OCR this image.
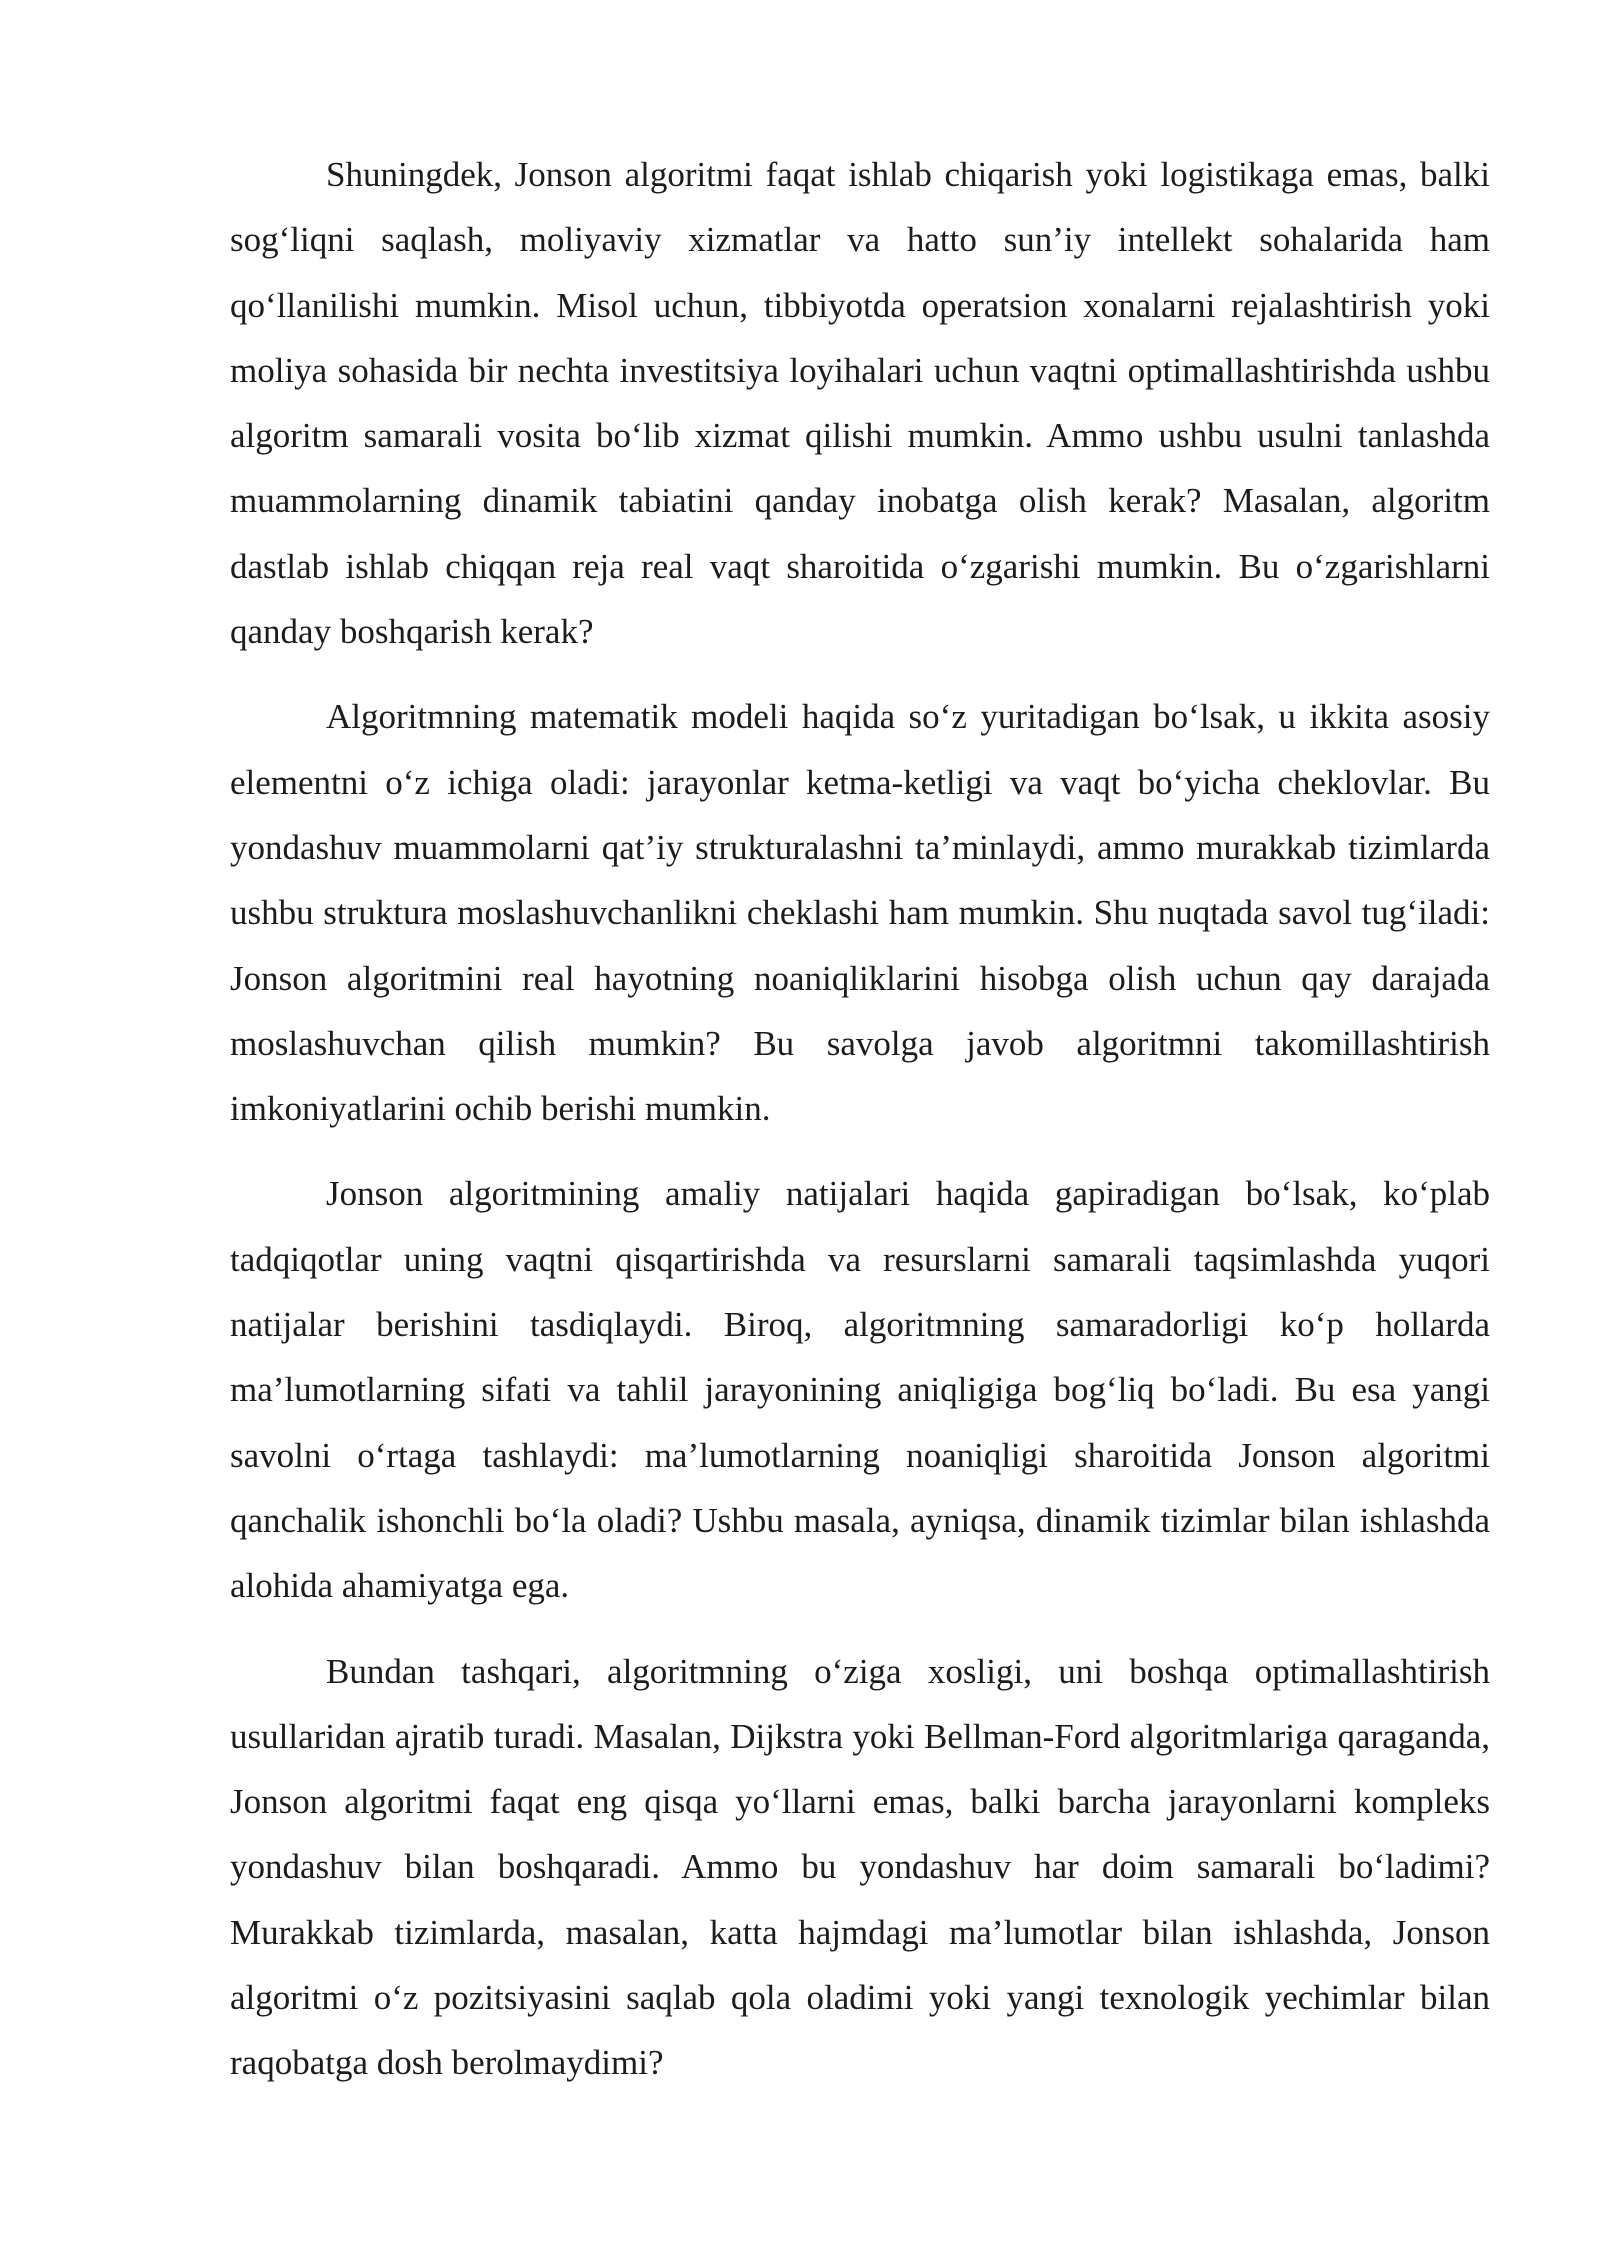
Shuningdek, Jonson algoritmi faqat ishlab chiqarish yoki logistikaga emas, balki sog‘liqni saqlash, moliyaviy xizmatlar va hatto sun’iy intellekt sohalarida ham qo‘llanilishi mumkin. Misol uchun, tibbiyotda operatsion xonalarni rejalashtirish yoki moliya sohasida bir nechta investitsiya loyihalari uchun vaqtni optimallashtirishda ushbu algoritm samarali vosita bo‘lib xizmat qilishi mumkin. Ammo ushbu usulni tanlashda muammolarning dinamik tabiatini qanday inobatga olish kerak? Masalan, algoritm dastlab ishlab chiqqan reja real vaqt sharoitida o‘zgarishi mumkin. Bu o‘zgarishlarni qanday boshqarish kerak?

Algoritmning matematik modeli haqida so‘z yuritadigan bo‘lsak, u ikkita asosiy elementni o‘z ichiga oladi: jarayonlar ketma-ketligi va vaqt bo‘yicha cheklovlar. Bu yondashuv muammolarni qat’iy strukturalashni ta’minlaydi, ammo murakkab tizimlarda ushbu struktura moslashuvchanlikni cheklashi ham mumkin. Shu nuqtada savol tug‘iladi: Jonson algoritmini real hayotning noaniqliklarini hisobga olish uchun qay darajada moslashuvchan qilish mumkin? Bu savolga javob algoritmni takomillashtirish imkoniyatlarini ochib berishi mumkin.

Jonson algoritmining amaliy natijalari haqida gapiradigan bo‘lsak, ko‘plab tadqiqotlar uning vaqtni qisqartirishda va resurslarni samarali taqsimlashda yuqori natijalar berishini tasdiqlaydi. Biroq, algoritmning samaradorligi ko‘p hollarda ma’lumotlarning sifati va tahlil jarayonining aniqligiga bog‘liq bo‘ladi. Bu esa yangi savolni o‘rtaga tashlaydi: ma’lumotlarning noaniqligi sharoitida Jonson algoritmi qanchalik ishonchli bo‘la oladi? Ushbu masala, ayniqsa, dinamik tizimlar bilan ishlashda alohida ahamiyatga ega.

Bundan tashqari, algoritmning o‘ziga xosligi, uni boshqa optimallashtirish usullaridan ajratib turadi. Masalan, Dijkstra yoki Bellman-Ford algoritmlariga qaraganda, Jonson algoritmi faqat eng qisqa yo‘llarni emas, balki barcha jarayonlarni kompleks yondashuv bilan boshqaradi. Ammo bu yondashuv har doim samarali bo‘ladimi? Murakkab tizimlarda, masalan, katta hajmdagi ma’lumotlar bilan ishlashda, Jonson algoritmi o‘z pozitsiyasini saqlab qola oladimi yoki yangi texnologik yechimlar bilan raqobatga dosh berolmaydimi?
